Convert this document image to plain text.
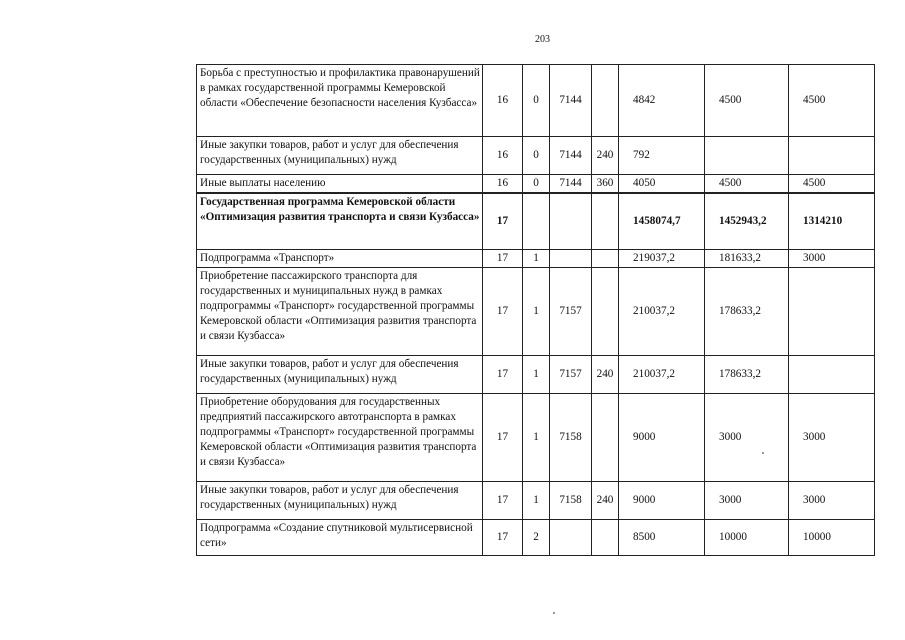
203
Борьба с преступностью и профилактика правонарушений в рамках государственной программы Кемеровской области «Обеспечение безопасности населения Кузбасса»	16	0	7144		4842	4500	4500
Иные закупки товаров, работ и услуг для обеспечения государственных (муниципальных) нужд	16	0	7144	240	792		
Иные выплаты населению	16	0	7144	360	4050	4500	4500
Государственная программа Кемеровской области «Оптимизация развития транспорта и связи Кузбасса»	17				1458074,7	1452943,2	1314210
Подпрограмма «Транспорт»	17	1			219037,2	181633,2	3000
Приобретение пассажирского транспорта для государственных и муниципальных нужд в рамках подпрограммы «Транспорт» государственной программы Кемеровской области «Оптимизация развития транспорта и связи Кузбасса»	17	1	7157		210037,2	178633,2	
Иные закупки товаров, работ и услуг для обеспечения государственных (муниципальных) нужд	17	1	7157	240	210037,2	178633,2	
Приобретение оборудования для государственных предприятий пассажирского автотранспорта в рамках подпрограммы «Транспорт» государственной программы Кемеровской области «Оптимизация развития транспорта и связи Кузбасса»	17	1	7158		9000	3000	3000
Иные закупки товаров, работ и услуг для обеспечения государственных (муниципальных) нужд	17	1	7158	240	9000	3000	3000
Подпрограмма «Создание спутниковой мультисервисной сети»	17	2			8500	10000	10000
